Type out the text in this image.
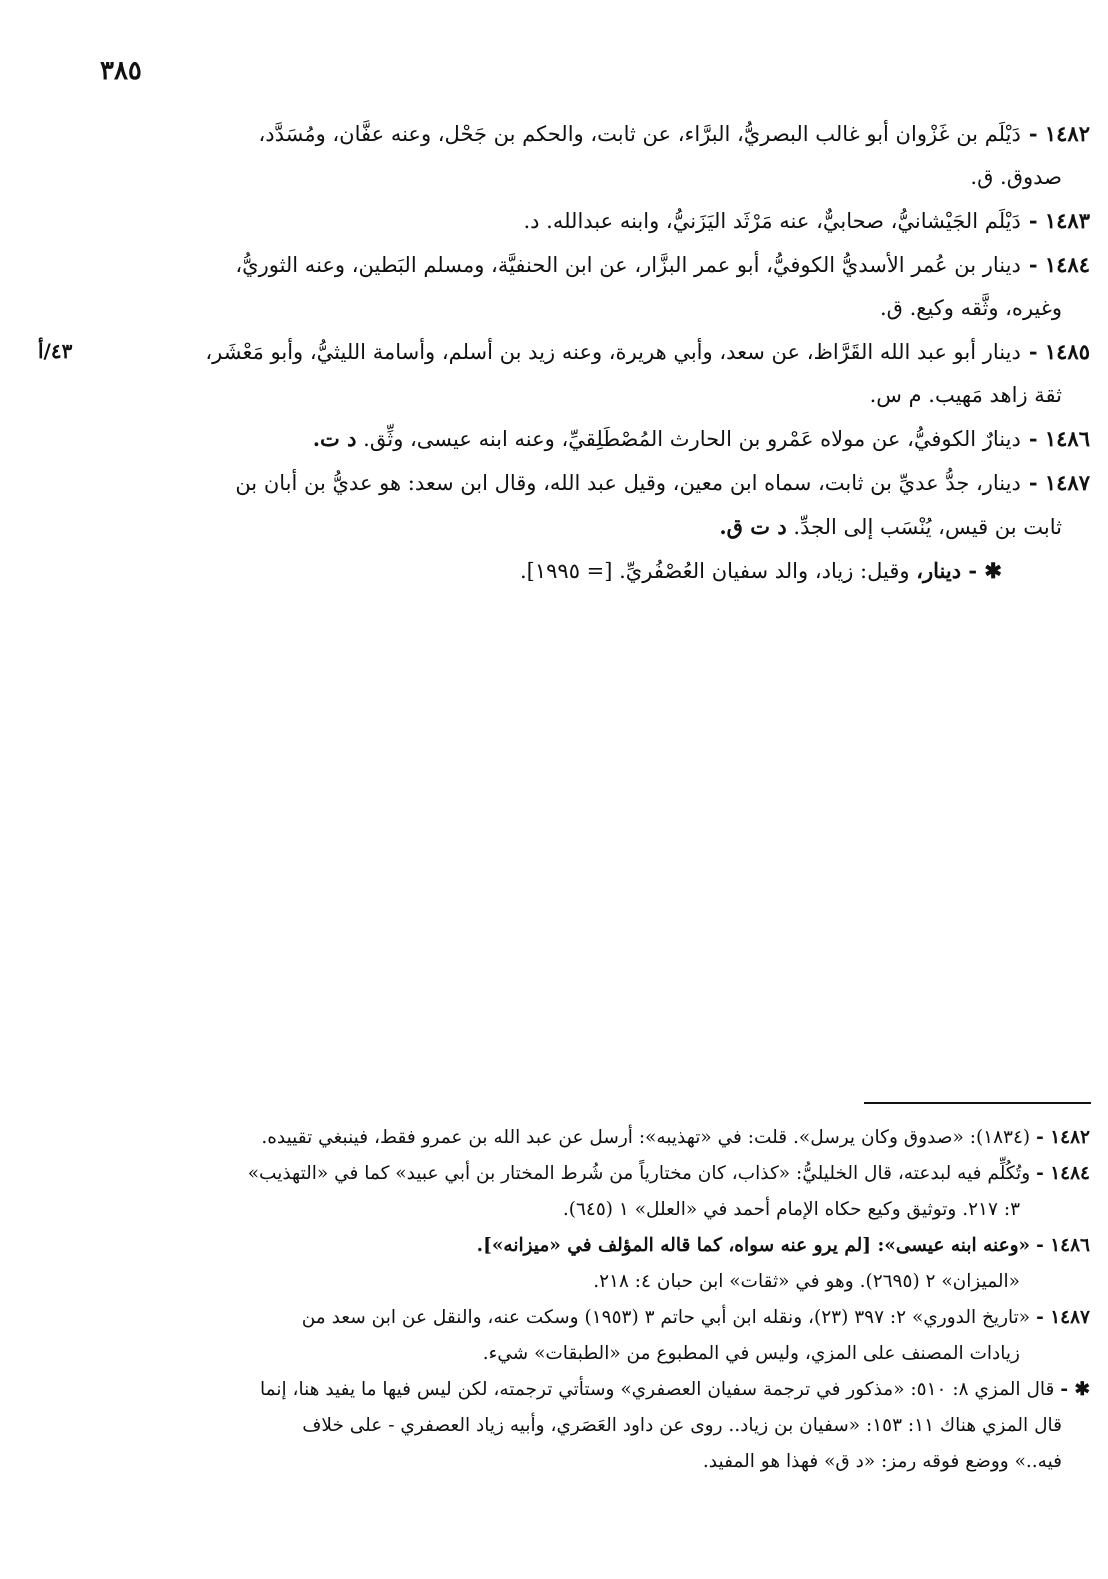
٣٨٥

١٤٨٢ -دَيْلَم بن غَزْوان أبو غالب البصريُّ، البرَّاء، عن ثابت، والحكم بن جَحْل، وعنه عفَّان، ومُسَدَّد،
صدوق. ق.

١٤٨٣ -دَيْلَم الجَيْشانيُّ، صحابيٌّ، عنه مَرْثَد اليَزَنيُّ، وابنه عبدالله. د.

١٤٨٤ -دينار بن عُمر الأسديُّ الكوفيُّ، أبو عمر البزَّار، عن ابن الحنفيَّة، ومسلم البَطين، وعنه الثوريُّ،
وغيره، وثَّقه وكيع. ق.

٤٣/أ	١٤٨٥ -دينار أبو عبد الله القَرَّاظ، عن سعد، وأبي هريرة، وعنه زيد بن أسلم، وأسامة الليثيُّ، وأبو مَعْشَر،
ثقة زاهد مَهيب. م س.

١٤٨٦ -دينارٌ الكوفيُّ، عن مولاه عَمْرو بن الحارث المُصْطَلِقيِّ، وعنه ابنه عيسى، وثِّق. د ت.

١٤٨٧ -دينار، جدُّ عديِّ بن ثابت، سماه ابن معين، وقيل عبد الله، وقال ابن سعد: هو عديُّ بن أبان بن
ثابت بن قيس، يُنْسَب إلى الجدِّ. د ت ق.

✱ - دينار، وقيل: زياد، والد سفيان العُصْفُريِّ. [= ١٩٩٥].

١٤٨٢ -(١٨٣٤): «صدوق وكان يرسل». قلت: في «تهذيبه»: أرسل عن عبد الله بن عمرو فقط، فينبغي تقييده.

١٤٨٤ -وتُكُلِّم فيه لبدعته، قال الخليليُّ: «كذاب، كان مختارياً من شُرط المختار بن أبي عبيد» كما في «التهذيب»
٣: ٢١٧. وتوثيق وكيع حكاه الإمام أحمد في «العلل» ١ (٦٤٥).

١٤٨٦ -«وعنه ابنه عيسى»: [لم يرو عنه سواه، كما قاله المؤلف في «ميزانه»].
«الميزان» ٢ (٢٦٩٥). وهو في «ثقات» ابن حبان ٤: ٢١٨.

١٤٨٧ -«تاريخ الدوري» ٢: ٣٩٧ (٢٣)، ونقله ابن أبي حاتم ٣ (١٩٥٣) وسكت عنه، والنقل عن ابن سعد من
زيادات المصنف على المزي، وليس في المطبوع من «الطبقات» شيء.

✱ -قال المزي ٨: ٥١٠: «مذكور في ترجمة سفيان العصفري» وستأتي ترجمته، لكن ليس فيها ما يفيد هنا، إنما
قال المزي هناك ١١: ١٥٣: «سفيان بن زياد.. روى عن داود العَصَري، وأبيه زياد العصفري - على خلاف
فيه..» ووضع فوقه رمز: «د ق» فهذا هو المفيد.
